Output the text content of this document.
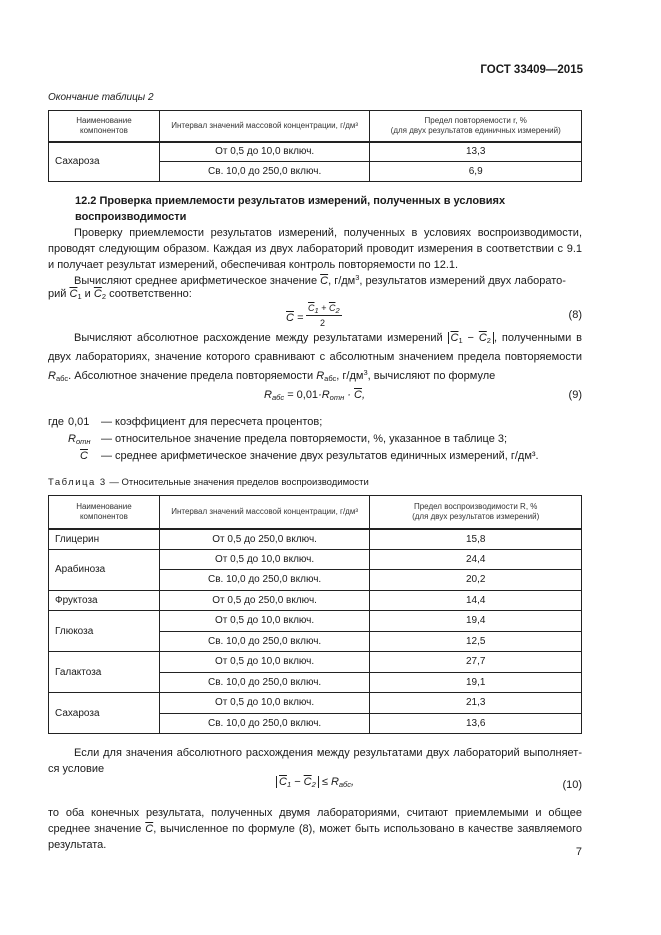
ГОСТ 33409—2015
Окончание таблицы 2
Наименование компонентов	Интервал значений массовой концентрации, г/дм³	Предел повторяемости r, %
(для двух результатов единичных измерений)
Сахароза	От 0,5 до 10,0 включ.	13,3
	Св. 10,0 до 250,0 включ.	6,9
12.2 Проверка приемлемости результатов измерений, полученных в условиях воспроизводимости
Проверку приемлемости результатов измерений, полученных в условиях воспроизводимости, проводят следующим образом. Каждая из двух лабораторий проводит измерения в соответствии с 9.1 и получает результат измерений, обеспечивая контроль повторяемости по 12.1.
Вычисляют среднее арифметическое значение $\overline{C}$, $г/дм^3$, результатов измерений двух лаборато-
рий $\overline{C}_1$ и $\overline{C}_2$ соответственно:
$\overline{C}$ =
$\overline{C}_1 + \overline{C}_2$
2
(8)
Вычисляют абсолютное расхождение между результатами измерений $\overline{C}_1 - \overline{C}_2$ , полученными в двух лабораториях, значение которого сравнивают с абсолютным значением предела повторяемости $R_{абс}$. Абсолютное значение предела повторяемости $R_{абс}$, $г/дм^3$, вычисляют по формуле
$R_{абс} = 0,01\cdot R_{отн} \cdot \overline{C}$,	(9)
где 0,01 — коэффициент для пересчета процентов;
$R_{отн}$ — относительное значение предела повторяемости, %, указанное в таблице 3;
$\overline{C}$ — среднее арифметическое значение двух результатов единичных измерений, г/дм³.
Таблица 3 — Относительные значения пределов воспроизводимости
Наименование компонентов	Интервал значений массовой концентрации, г/дм³	Предел воспроизводимости R, %
(для двух результатов измерений)
Глицерин	От 0,5 до 250,0 включ.	15,8
Арабиноза	От 0,5 до 10,0 включ.	24,4
	Св. 10,0 до 250,0 включ.	20,2
Фруктоза	От 0,5 до 250,0 включ.	14,4
Глюкоза	От 0,5 до 10,0 включ.	19,4
	Св. 10,0 до 250,0 включ.	12,5
Галактоза	От 0,5 до 10,0 включ.	27,7
	Св. 10,0 до 250,0 включ.	19,1
Сахароза	От 0,5 до 10,0 включ.	21,3
	Св. 10,0 до 250,0 включ.	13,6
Если для значения абсолютного расхождения между результатами двух лабораторий выполняет-ся условие
$\overline{C}_1 - \overline{C}_2 \le R_{абс}$,	(10)
то оба конечных результата, полученных двумя лабораториями, считают приемлемыми и общее среднее значение $\overline{C}$, вычисленное по формуле (8), может быть использовано в качестве заявляемого результата.
7
